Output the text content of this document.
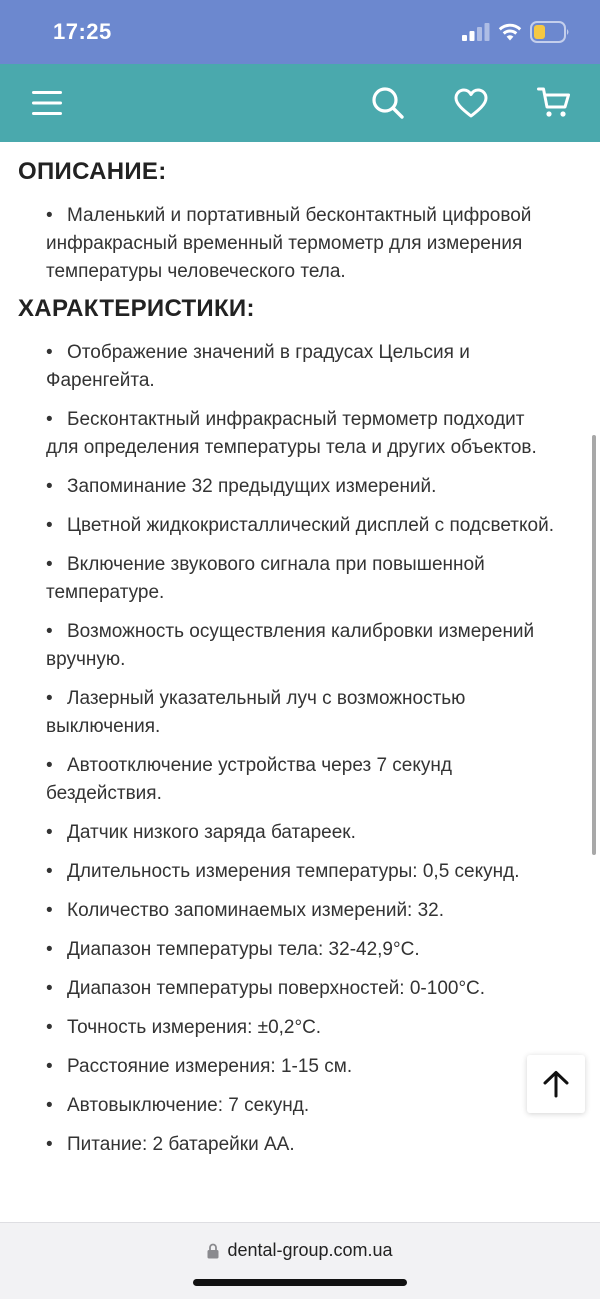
17:25
ОПИСАНИЕ:
• Маленький и портативный бесконтактный цифровой инфракрасный временный термометр для измерения температуры человеческого тела.
ХАРАКТЕРИСТИКИ:
• Отображение значений в градусах Цельсия и Фаренгейта.
• Бесконтактный инфракрасный термометр подходит для определения температуры тела и других объектов.
• Запоминание 32 предыдущих измерений.
• Цветной жидкокристаллический дисплей с подсветкой.
• Включение звукового сигнала при повышенной температуре.
• Возможность осуществления калибровки измерений вручную.
• Лазерный указательный луч с возможностью выключения.
• Автоотключение устройства через 7 секунд бездействия.
• Датчик низкого заряда батареек.
• Длительность измерения температуры: 0,5 секунд.
• Количество запоминаемых измерений: 32.
• Диапазон температуры тела: 32-42,9°С.
• Диапазон температуры поверхностей: 0-100°С.
• Точность измерения: ±0,2°С.
• Расстояние измерения: 1-15 см.
• Автовыключение: 7 секунд.
• Питание: 2 батарейки АА.
dental-group.com.ua
